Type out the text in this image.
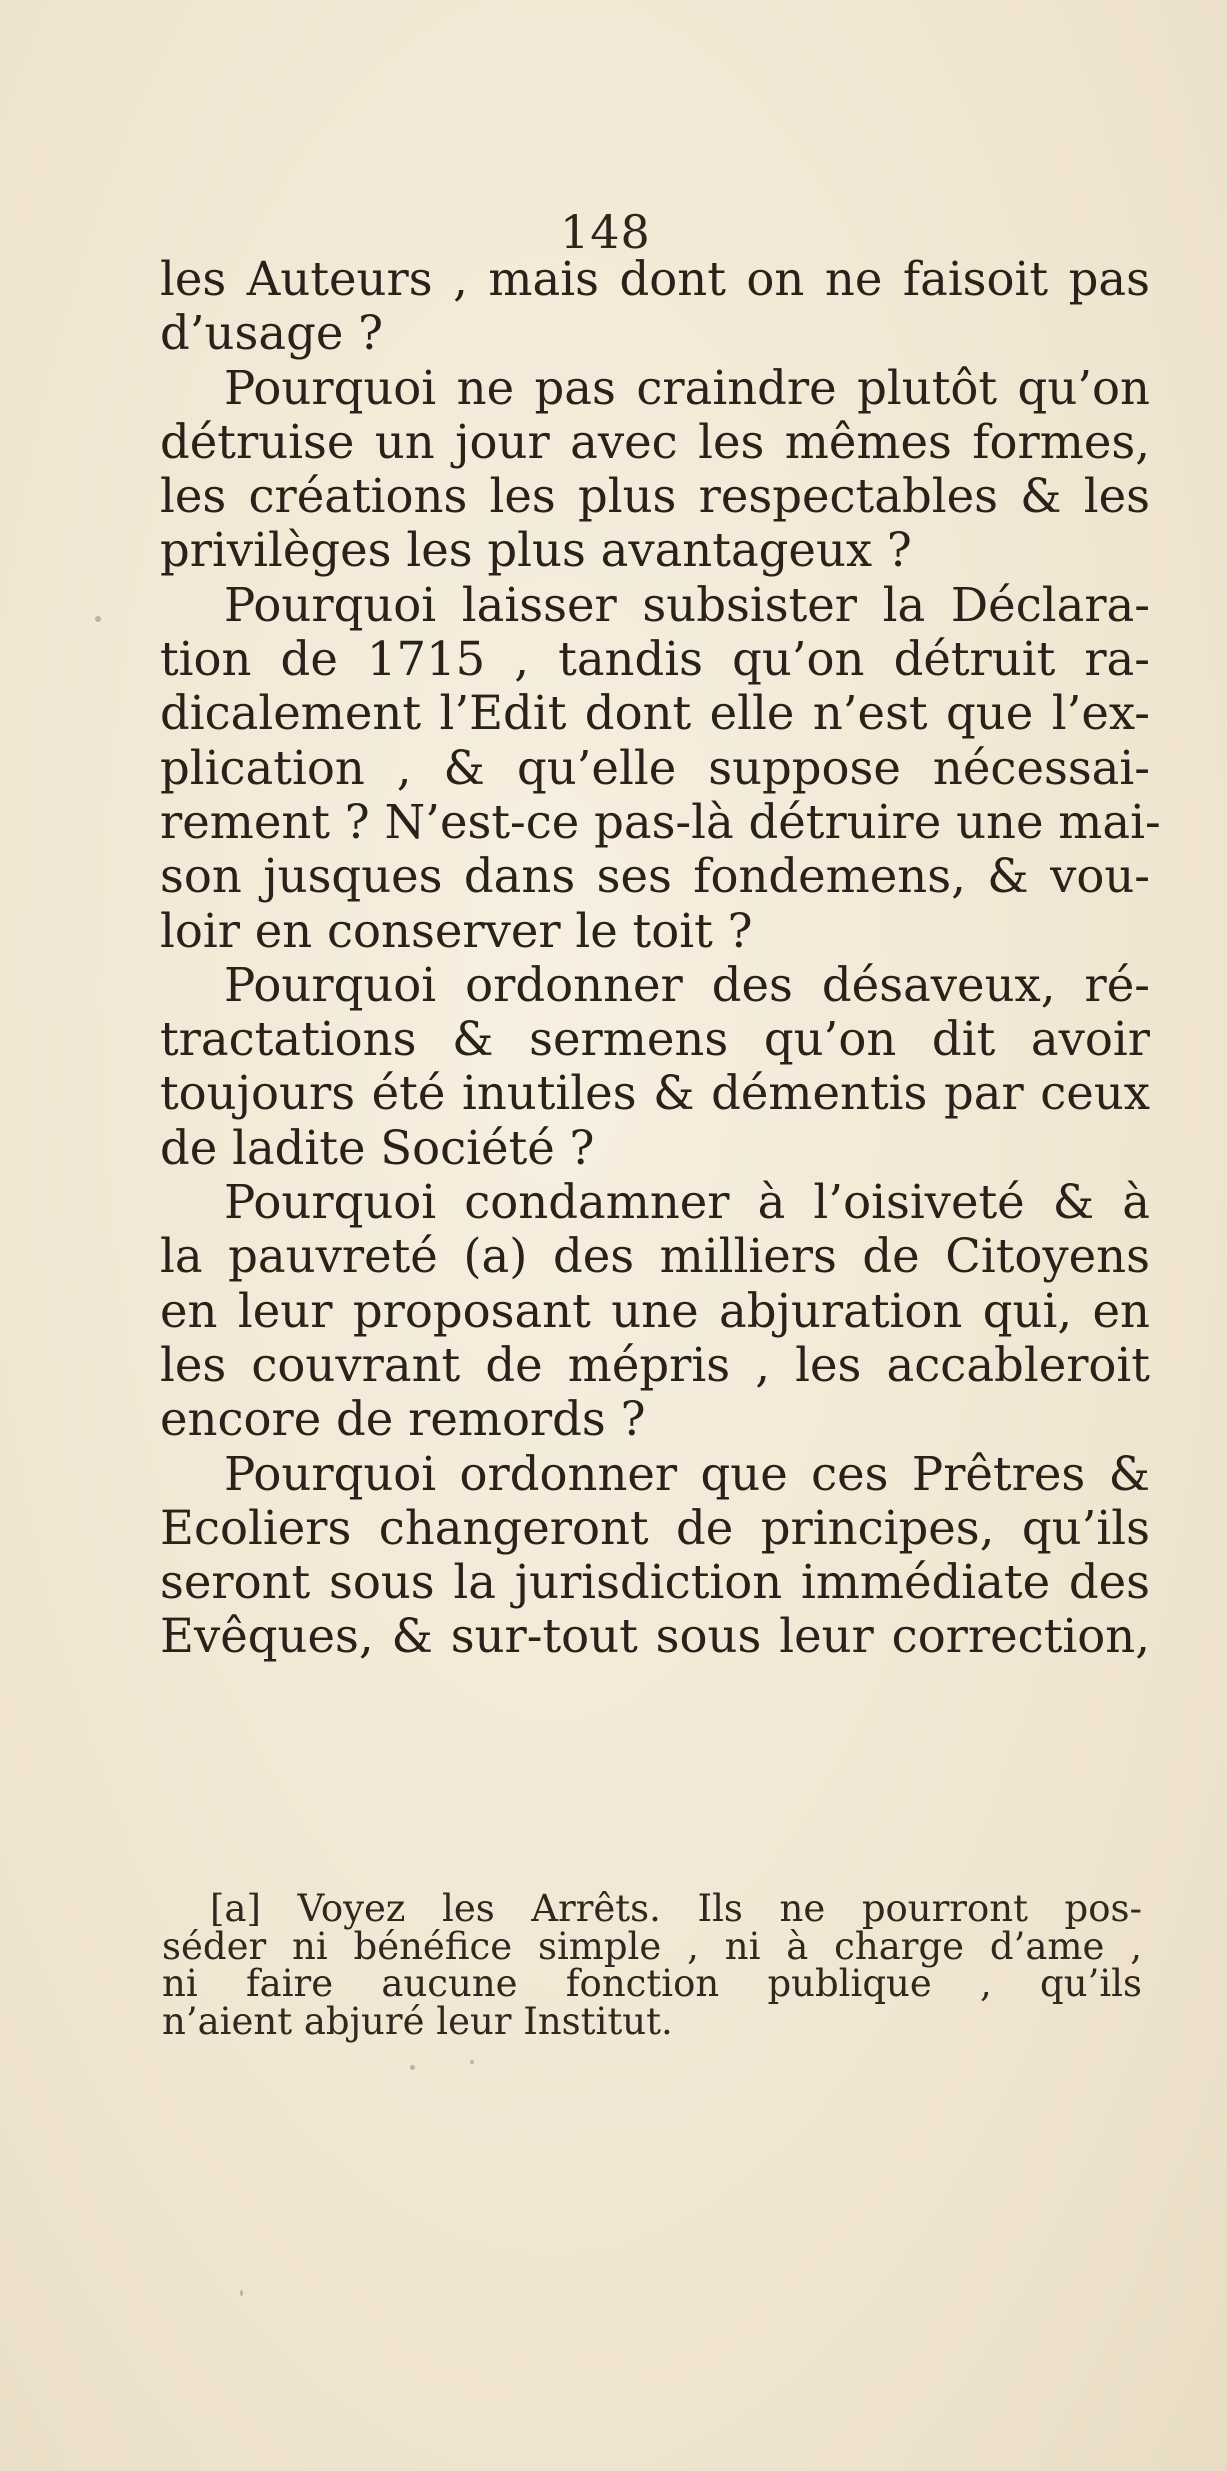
148
les Auteurs , mais dont on ne faisoit pas
d’usage ?
Pourquoi ne pas craindre plutôt qu’on
détruise un jour avec les mêmes formes,
les créations les plus respectables & les
privilèges les plus avantageux ?
Pourquoi laisser subsister la Déclara-
tion de 1715 , tandis qu’on détruit ra-
dicalement l’Edit dont elle n’est que l’ex-
plication , & qu’elle suppose nécessai-
rement ? N’est-ce pas-là détruire une mai-
son jusques dans ses fondemens, & vou-
loir en conserver le toit ?
Pourquoi ordonner des désaveux, ré-
tractations & sermens qu’on dit avoir
toujours été inutiles & démentis par ceux
de ladite Société ?
Pourquoi condamner à l’oisiveté & à
la pauvreté (a) des milliers de Citoyens
en leur proposant une abjuration qui, en
les couvrant de mépris , les accableroit
encore de remords ?
Pourquoi ordonner que ces Prêtres &
Ecoliers changeront de principes, qu’ils
seront sous la jurisdiction immédiate des
Evêques, & sur-tout sous leur correction,
[a] Voyez les Arrêts. Ils ne pourront pos-
séder ni bénéfice simple , ni à charge d’ame ,
ni faire aucune fonction publique , qu’ils
n’aient abjuré leur Institut.
